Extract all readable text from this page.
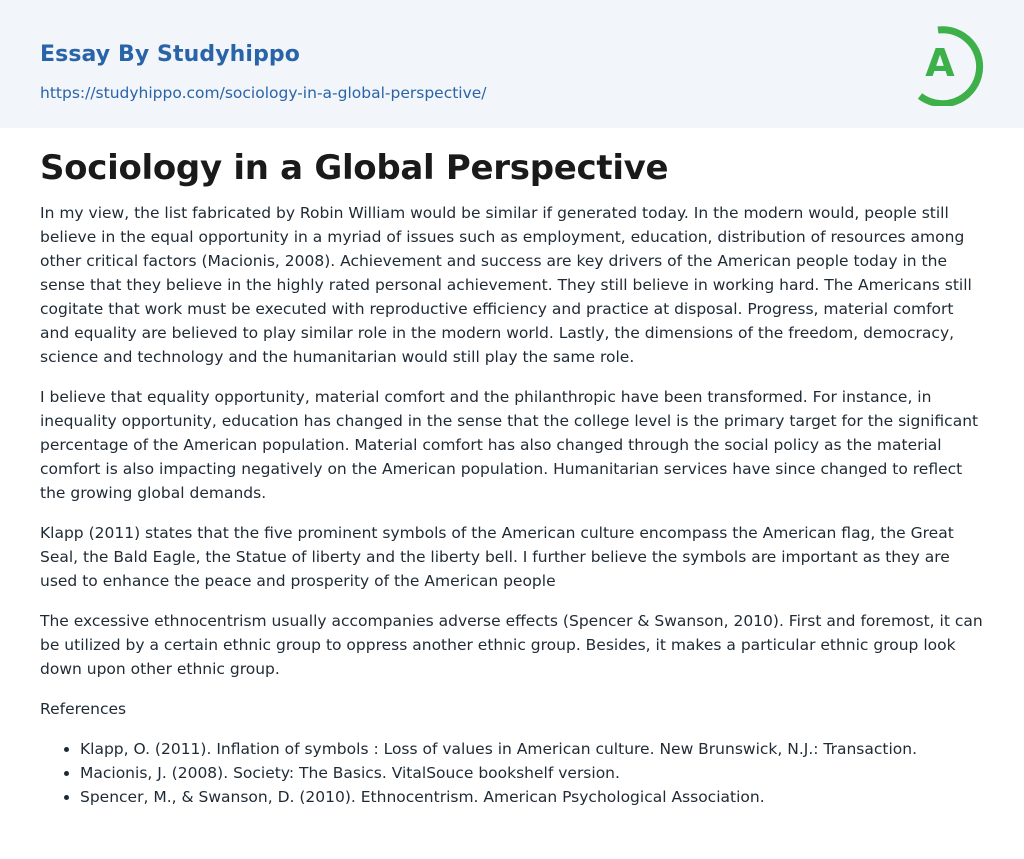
Essay By Studyhippo
https://studyhippo.com/sociology-in-a-global-perspective/
A
Sociology in a Global Perspective

In my view, the list fabricated by Robin William would be similar if generated today. In the modern would, people still believe in the equal opportunity in a myriad of issues such as employment, education, distribution of resources among other critical factors (Macionis, 2008). Achievement and success are key drivers of the American people today in the sense that they believe in the highly rated personal achievement. They still believe in working hard. The Americans still cogitate that work must be executed with reproductive efficiency and practice at disposal. Progress, material comfort and equality are believed to play similar role in the modern world. Lastly, the dimensions of the freedom, democracy, science and technology and the humanitarian would still play the same role.

I believe that equality opportunity, material comfort and the philanthropic have been transformed. For instance, in inequality opportunity, education has changed in the sense that the college level is the primary target for the significant percentage of the American population. Material comfort has also changed through the social policy as the material comfort is also impacting negatively on the American population. Humanitarian services have since changed to reflect the growing global demands.

Klapp (2011) states that the five prominent symbols of the American culture encompass the American flag, the Great Seal, the Bald Eagle, the Statue of liberty and the liberty bell. I further believe the symbols are important as they are used to enhance the peace and prosperity of the American people

The excessive ethnocentrism usually accompanies adverse effects (Spencer & Swanson, 2010). First and foremost, it can be utilized by a certain ethnic group to oppress another ethnic group. Besides, it makes a particular ethnic group look down upon other ethnic group.

References

• Klapp, O. (2011). Inflation of symbols : Loss of values in American culture. New Brunswick, N.J.: Transaction.
• Macionis, J. (2008). Society: The Basics. VitalSouce bookshelf version.
• Spencer, M., & Swanson, D. (2010). Ethnocentrism. American Psychological Association.
